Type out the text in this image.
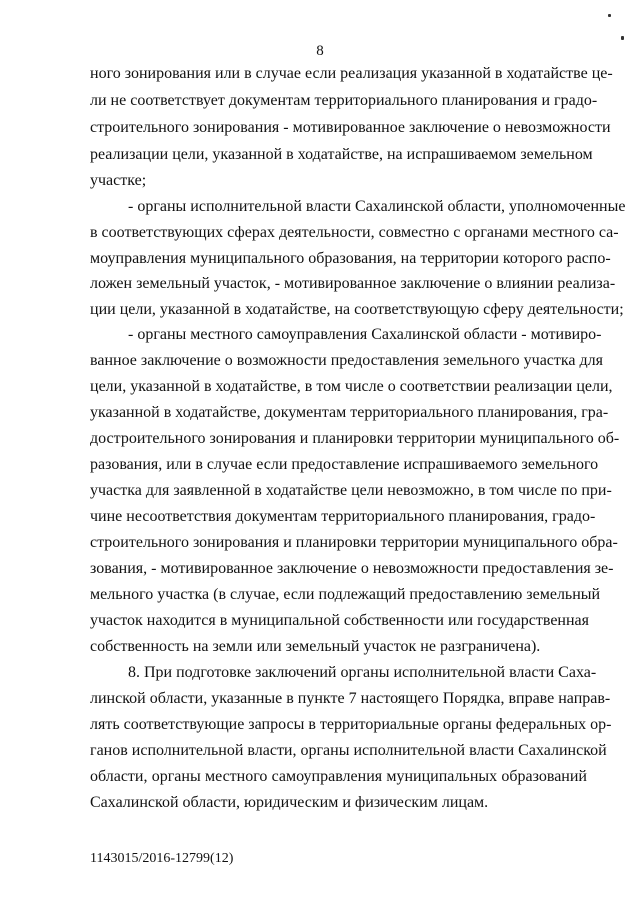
8
ного зонирования или в случае если реализация указанной в ходатайстве це-
ли не соответствует документам территориального планирования и градо-
строительного зонирования - мотивированное заключение о невозможности
реализации цели, указанной в ходатайстве, на испрашиваемом земельном
участке;
- органы исполнительной власти Сахалинской области, уполномоченные
в соответствующих сферах деятельности, совместно с органами местного са-
моуправления муниципального образования, на территории которого распо-
ложен земельный участок, - мотивированное заключение о влиянии реализа-
ции цели, указанной в ходатайстве, на соответствующую сферу деятельности;
- органы местного самоуправления Сахалинской области - мотивиро-
ванное заключение о возможности предоставления земельного участка для
цели, указанной в ходатайстве, в том числе о соответствии реализации цели,
указанной в ходатайстве, документам территориального планирования, гра-
достроительного зонирования и планировки территории муниципального об-
разования, или в случае если предоставление испрашиваемого земельного
участка для заявленной в ходатайстве цели невозможно, в том числе по при-
чине несоответствия документам территориального планирования, градо-
строительного зонирования и планировки территории муниципального обра-
зования, - мотивированное заключение о невозможности предоставления зе-
мельного участка (в случае, если подлежащий предоставлению земельный
участок находится в муниципальной собственности или государственная
собственность на земли или земельный участок не разграничена).
8. При подготовке заключений органы исполнительной власти Саха-
линской области, указанные в пункте 7 настоящего Порядка, вправе направ-
лять соответствующие запросы в территориальные органы федеральных ор-
ганов исполнительной власти, органы исполнительной власти Сахалинской
области, органы местного самоуправления муниципальных образований
Сахалинской области, юридическим и физическим лицам.
1143015/2016-12799(12)
